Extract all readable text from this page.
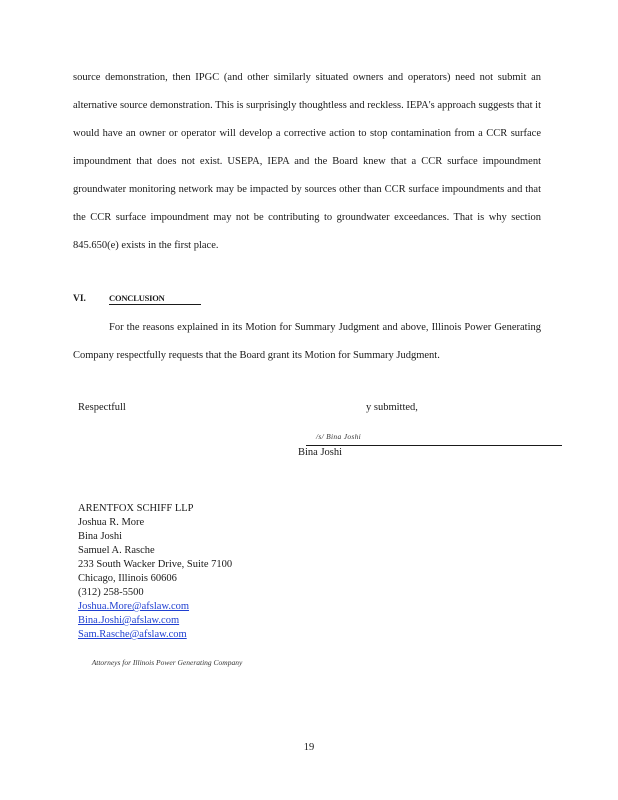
source demonstration, then IPGC (and other similarly situated owners and operators) need not submit an alternative source demonstration. This is surprisingly thoughtless and reckless. IEPA's approach suggests that it would have an owner or operator will develop a corrective action to stop contamination from a CCR surface impoundment that does not exist. USEPA, IEPA and the Board knew that a CCR surface impoundment groundwater monitoring network may be impacted by sources other than CCR surface impoundments and that the CCR surface impoundment may not be contributing to groundwater exceedances. That is why section 845.650(e) exists in the first place.

VI.	CONCLUSION

For the reasons explained in its Motion for Summary Judgment and above, Illinois Power Generating Company respectfully requests that the Board grant its Motion for Summary Judgment.

Respectfull	y submitted,
/s/ Bina Joshi
Bina Joshi
ARENTFOX SCHIFF LLP
Joshua R. More
Bina Joshi
Samuel A. Rasche
233 South Wacker Drive, Suite 7100
Chicago, Illinois 60606
(312) 258-5500
Joshua.More@afslaw.com
Bina.Joshi@afslaw.com
Sam.Rasche@afslaw.com
Attorneys for Illinois Power Generating Company
19
